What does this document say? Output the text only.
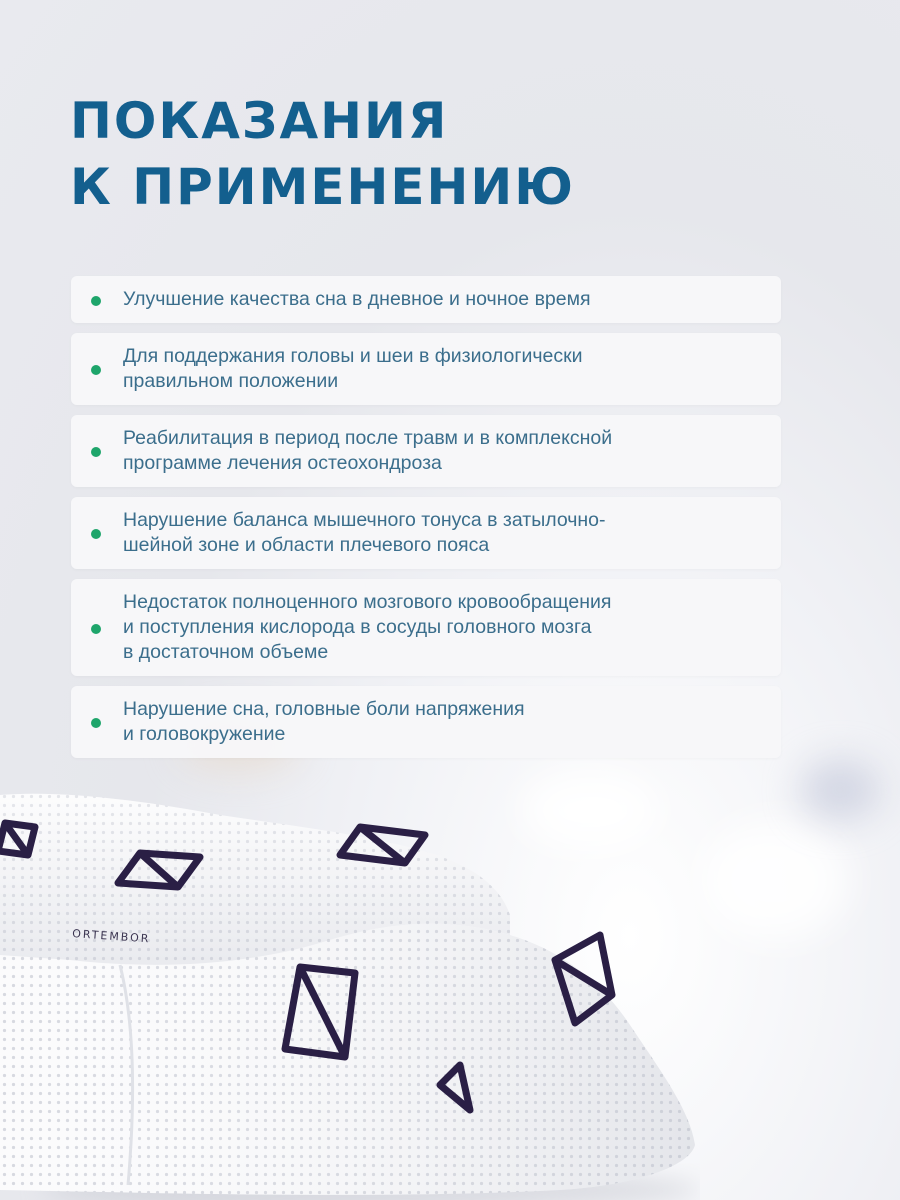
ПОКАЗАНИЯ
К ПРИМЕНЕНИЮ
Улучшение качества сна в дневное и ночное время
Для поддержания головы и шеи в физиологически
правильном положении
Реабилитация в период после травм и в комплексной
программе лечения остеохондроза
Нарушение баланса мышечного тонуса в затылочно-
шейной зоне и области плечевого пояса
Недостаток полноценного мозгового кровообращения
и поступления кислорода в сосуды головного мозга
в достаточном объеме
Нарушение сна, головные боли напряжения
и головокружение
ORTEMBOR
